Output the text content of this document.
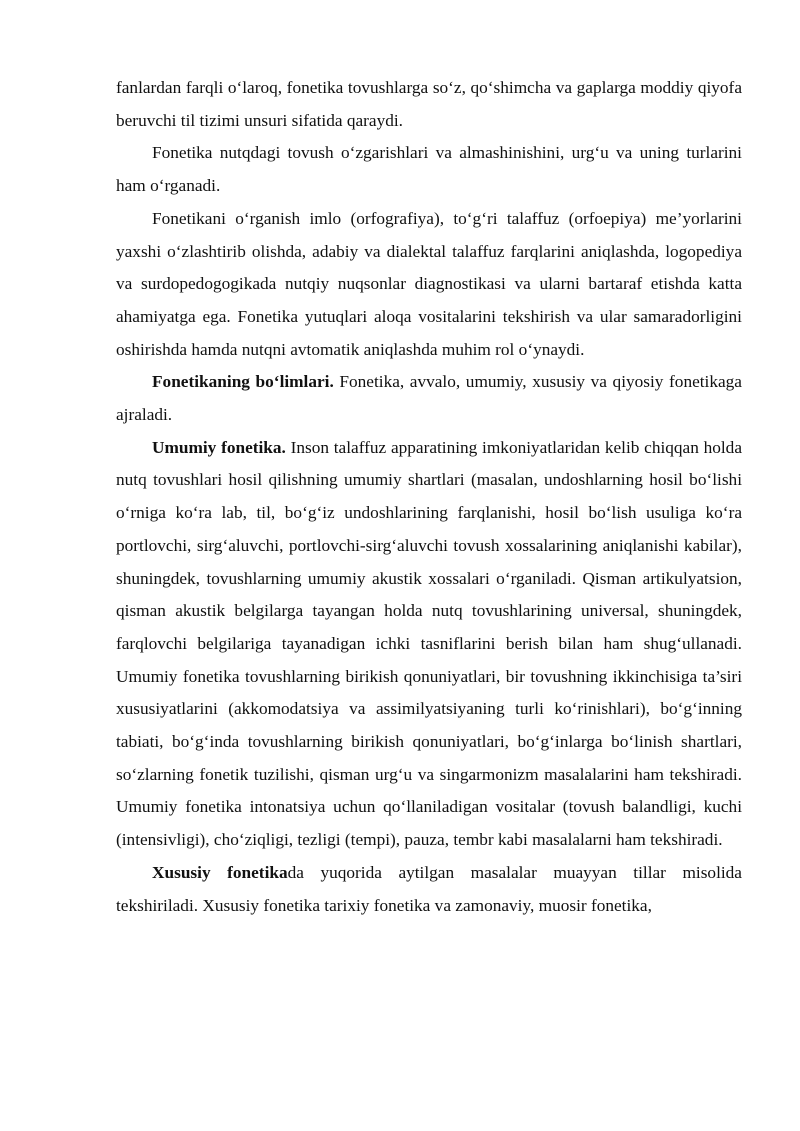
fanlardan farqli o‘laroq, fonetika tovushlarga so‘z, qo‘shimcha va gaplarga moddiy qiyofa beruvchi til tizimi unsuri sifatida qaraydi.

Fonetika nutqdagi tovush o‘zgarishlari va almashinishini, urg‘u va uning turlarini ham o‘rganadi.

Fonetikani o‘rganish imlo (orfografiya), to‘g‘ri talaffuz (orfoepiya) me’yorlarini yaxshi o‘zlashtirib olishda, adabiy va dialektal talaffuz farqlarini aniqlashda, logopediya va surdopedogogikada nutqiy nuqsonlar diagnostikasi va ularni bartaraf etishda katta ahamiyatga ega. Fonetika yutuqlari aloqa vositalarini tekshirish va ular samaradorligini oshirishda hamda nutqni avtomatik aniqlashda muhim rol o‘ynaydi.

Fonetikaning bo‘limlari. Fonetika, avvalo, umumiy, xususiy va qiyosiy fonetikaga ajraladi.

Umumiy fonetika. Inson talaffuz apparatining imkoniyatlaridan kelib chiqqan holda nutq tovushlari hosil qilishning umumiy shartlari (masalan, undoshlarning hosil bo‘lishi o‘rniga ko‘ra lab, til, bo‘g‘iz undoshlarining farqlanishi, hosil bo‘lish usuliga ko‘ra portlovchi, sirg‘aluvchi, portlovchi-sirg‘aluvchi tovush xossalarining aniqlanishi kabilar), shuningdek, tovushlarning umumiy akustik xossalari o‘rganiladi. Qisman artikulyatsion, qisman akustik belgilarga tayangan holda nutq tovushlarining universal, shuningdek, farqlovchi belgilariga tayanadigan ichki tasniflarini berish bilan ham shug‘ullanadi. Umumiy fonetika tovushlarning birikish qonuniyatlari, bir tovushning ikkinchisiga ta’siri xususiyatlarini (akkomodatsiya va assimilyatsiyaning turli ko‘rinishlari), bo‘g‘inning tabiati, bo‘g‘inda tovushlarning birikish qonuniyatlari, bo‘g‘inlarga bo‘linish shartlari, so‘zlarning fonetik tuzilishi, qisman urg‘u va singarmonizm masalalarini ham tekshiradi. Umumiy fonetika intonatsiya uchun qo‘llaniladigan vositalar (tovush balandligi, kuchi (intensivligi), cho‘ziqligi, tezligi (tempi), pauza, tembr kabi masalalarni ham tekshiradi.

Xususiy fonetikada yuqorida aytilgan masalalar muayyan tillar misolida tekshiriladi. Xususiy fonetika tarixiy fonetika va zamonaviy, muosir fonetika,
